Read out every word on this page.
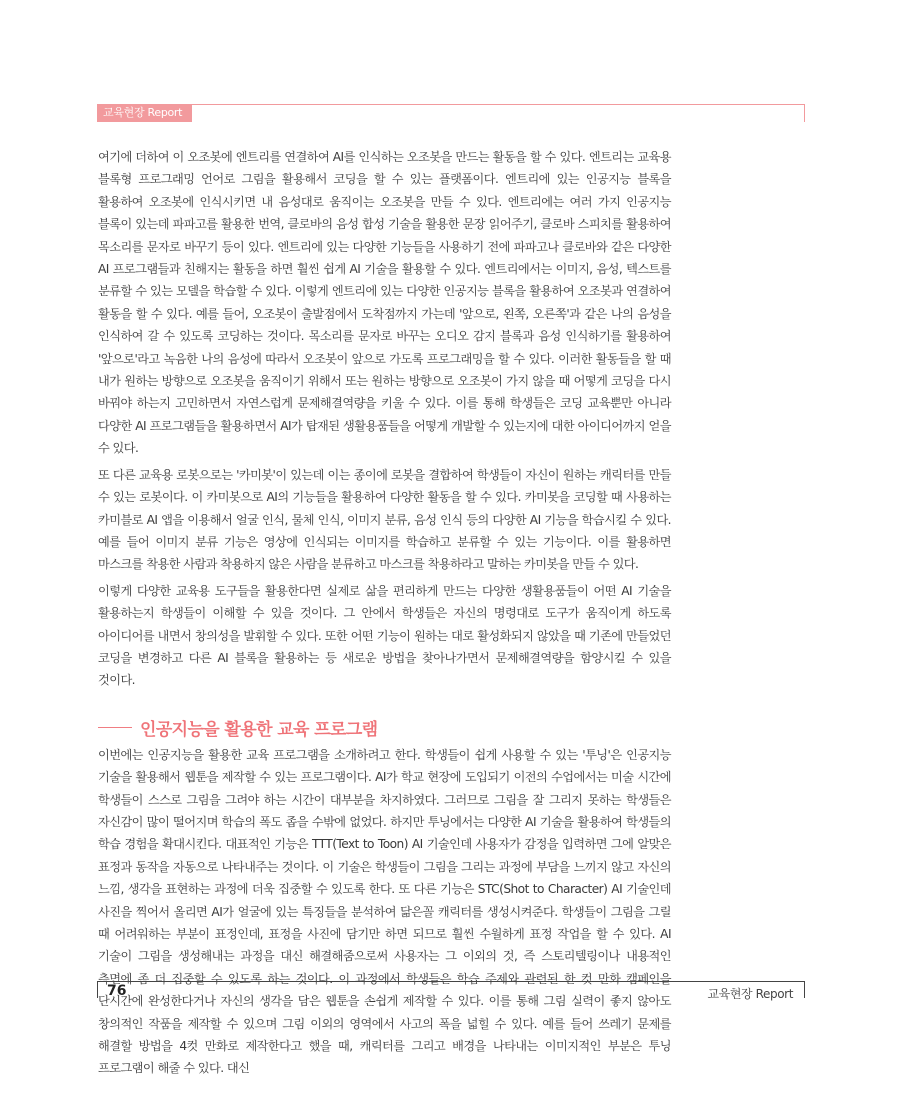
교육현장 Report

여기에 더하여 이 오조봇에 엔트리를 연결하여 AI를 인식하는 오조봇을 만드는 활동을 할 수 있다. 엔트리는 교육용 블록형 프로그래밍 언어로 그림을 활용해서 코딩을 할 수 있는 플랫폼이다. 엔트리에 있는 인공지능 블록을 활용하여 오조봇에 인식시키면 내 음성대로 움직이는 오조봇을 만들 수 있다. 엔트리에는 여러 가지 인공지능 블록이 있는데 파파고를 활용한 번역, 클로바의 음성 합성 기술을 활용한 문장 읽어주기, 클로바 스피치를 활용하여 목소리를 문자로 바꾸기 등이 있다. 엔트리에 있는 다양한 기능들을 사용하기 전에 파파고나 클로바와 같은 다양한 AI 프로그램들과 친해지는 활동을 하면 훨씬 쉽게 AI 기술을 활용할 수 있다. 엔트리에서는 이미지, 음성, 텍스트를 분류할 수 있는 모델을 학습할 수 있다. 이렇게 엔트리에 있는 다양한 인공지능 블록을 활용하여 오조봇과 연결하여 활동을 할 수 있다. 예를 들어, 오조봇이 출발점에서 도착점까지 가는데 '앞으로, 왼쪽, 오른쪽'과 같은 나의 음성을 인식하여 갈 수 있도록 코딩하는 것이다. 목소리를 문자로 바꾸는 오디오 감지 블록과 음성 인식하기를 활용하여 '앞으로'라고 녹음한 나의 음성에 따라서 오조봇이 앞으로 가도록 프로그래밍을 할 수 있다. 이러한 활동들을 할 때 내가 원하는 방향으로 오조봇을 움직이기 위해서 또는 원하는 방향으로 오조봇이 가지 않을 때 어떻게 코딩을 다시 바꿔야 하는지 고민하면서 자연스럽게 문제해결역량을 키울 수 있다. 이를 통해 학생들은 코딩 교육뿐만 아니라 다양한 AI 프로그램들을 활용하면서 AI가 탑재된 생활용품들을 어떻게 개발할 수 있는지에 대한 아이디어까지 얻을 수 있다.

또 다른 교육용 로봇으로는 '카미봇'이 있는데 이는 종이에 로봇을 결합하여 학생들이 자신이 원하는 캐릭터를 만들 수 있는 로봇이다. 이 카미봇으로 AI의 기능들을 활용하여 다양한 활동을 할 수 있다. 카미봇을 코딩할 때 사용하는 카미블로 AI 앱을 이용해서 얼굴 인식, 물체 인식, 이미지 분류, 음성 인식 등의 다양한 AI 기능을 학습시킬 수 있다. 예를 들어 이미지 분류 기능은 영상에 인식되는 이미지를 학습하고 분류할 수 있는 기능이다. 이를 활용하면 마스크를 착용한 사람과 착용하지 않은 사람을 분류하고 마스크를 착용하라고 말하는 카미봇을 만들 수 있다.

이렇게 다양한 교육용 도구들을 활용한다면 실제로 삶을 편리하게 만드는 다양한 생활용품들이 어떤 AI 기술을 활용하는지 학생들이 이해할 수 있을 것이다. 그 안에서 학생들은 자신의 명령대로 도구가 움직이게 하도록 아이디어를 내면서 창의성을 발휘할 수 있다. 또한 어떤 기능이 원하는 대로 활성화되지 않았을 때 기존에 만들었던 코딩을 변경하고 다른 AI 블록을 활용하는 등 새로운 방법을 찾아나가면서 문제해결역량을 함양시킬 수 있을 것이다.

인공지능을 활용한 교육 프로그램

이번에는 인공지능을 활용한 교육 프로그램을 소개하려고 한다. 학생들이 쉽게 사용할 수 있는 '투닝'은 인공지능 기술을 활용해서 웹툰을 제작할 수 있는 프로그램이다. AI가 학교 현장에 도입되기 이전의 수업에서는 미술 시간에 학생들이 스스로 그림을 그려야 하는 시간이 대부분을 차지하였다. 그러므로 그림을 잘 그리지 못하는 학생들은 자신감이 많이 떨어지며 학습의 폭도 좁을 수밖에 없었다. 하지만 투닝에서는 다양한 AI 기술을 활용하여 학생들의 학습 경험을 확대시킨다. 대표적인 기능은 TTT(Text to Toon) AI 기술인데 사용자가 감정을 입력하면 그에 알맞은 표정과 동작을 자동으로 나타내주는 것이다. 이 기술은 학생들이 그림을 그리는 과정에 부담을 느끼지 않고 자신의 느낌, 생각을 표현하는 과정에 더욱 집중할 수 있도록 한다. 또 다른 기능은 STC(Shot to Character) AI 기술인데 사진을 찍어서 올리면 AI가 얼굴에 있는 특징들을 분석하여 닮은꼴 캐릭터를 생성시켜준다. 학생들이 그림을 그릴 때 어려워하는 부분이 표정인데, 표정을 사진에 담기만 하면 되므로 훨씬 수월하게 표정 작업을 할 수 있다. AI 기술이 그림을 생성해내는 과정을 대신 해결해줌으로써 사용자는 그 이외의 것, 즉 스토리텔링이나 내용적인 측면에 좀 더 집중할 수 있도록 하는 것이다. 이 과정에서 학생들은 학습 주제와 관련된 한 컷 만화 캠페인을 단시간에 완성한다거나 자신의 생각을 담은 웹툰을 손쉽게 제작할 수 있다. 이를 통해 그림 실력이 좋지 않아도 창의적인 작품을 제작할 수 있으며 그림 이외의 영역에서 사고의 폭을 넓힐 수 있다. 예를 들어 쓰레기 문제를 해결할 방법을 4컷 만화로 제작한다고 했을 때, 캐릭터를 그리고 배경을 나타내는 이미지적인 부분은 투닝 프로그램이 해줄 수 있다. 대신

76	교육현장 Report
